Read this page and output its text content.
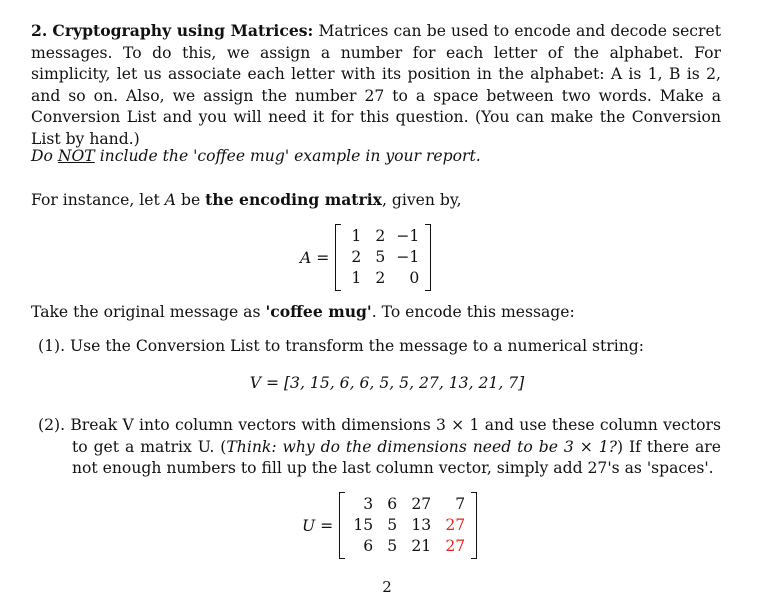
2. Cryptography using Matrices: Matrices can be used to encode and decode secret messages. To do this, we assign a number for each letter of the alphabet. For simplicity, let us associate each letter with its position in the alphabet: A is 1, B is 2, and so on. Also, we assign the number 27 to a space between two words. Make a Conversion List and you will need it for this question. (You can make the Conversion List by hand.)

Do NOT include the 'coffee mug' example in your report.

For instance, let A be the encoding matrix, given by,

A =
1 2 −1
2 5 −1
1 2	0

Take the original message as 'coffee mug'. To encode this message:

(1). Use the Conversion List to transform the message to a numerical string:

V = [3, 15, 6, 6, 5, 5, 27, 13, 21, 7]

(2). Break V into column vectors with dimensions 3 × 1 and use these column vectors to get a matrix U. (Think: why do the dimensions need to be 3 × 1?) If there are not enough numbers to fill up the last column vector, simply add 27's as 'spaces'.

U =
3 6 27	7
15 5 13 27
6 5 21 27
2
